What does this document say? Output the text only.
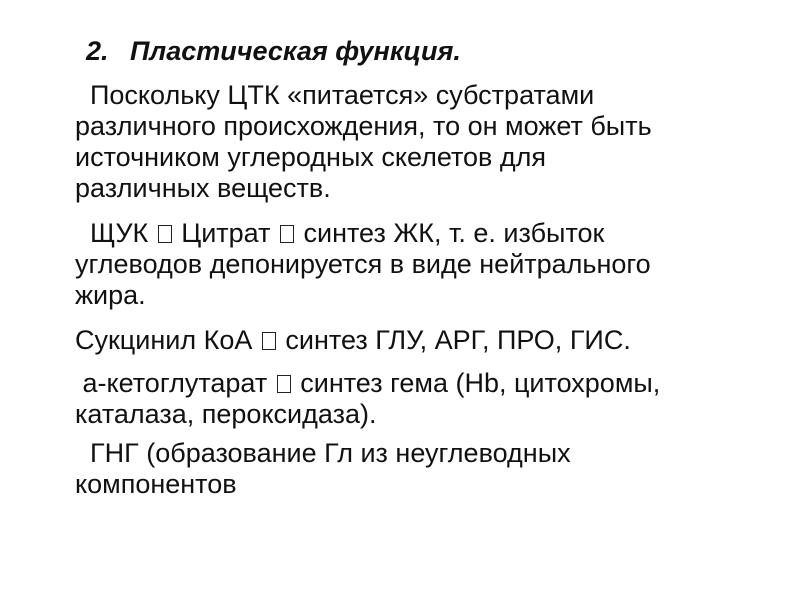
2. Пластическая функция.
Поскольку ЦТК «питается» субстратами
различного происхождения, то он может быть
источником углеродных скелетов для
различных веществ.
ЩУК Цитрат синтез ЖК, т. е. избыток
углеводов депонируется в виде нейтрального
жира.
Сукцинил КоА синтез ГЛУ, АРГ, ПРО, ГИС.
а-кетоглутарат синтез гема (Hb, цитохромы,
каталаза, пероксидаза).
ГНГ (образование Гл из неуглеводных
компонентов
